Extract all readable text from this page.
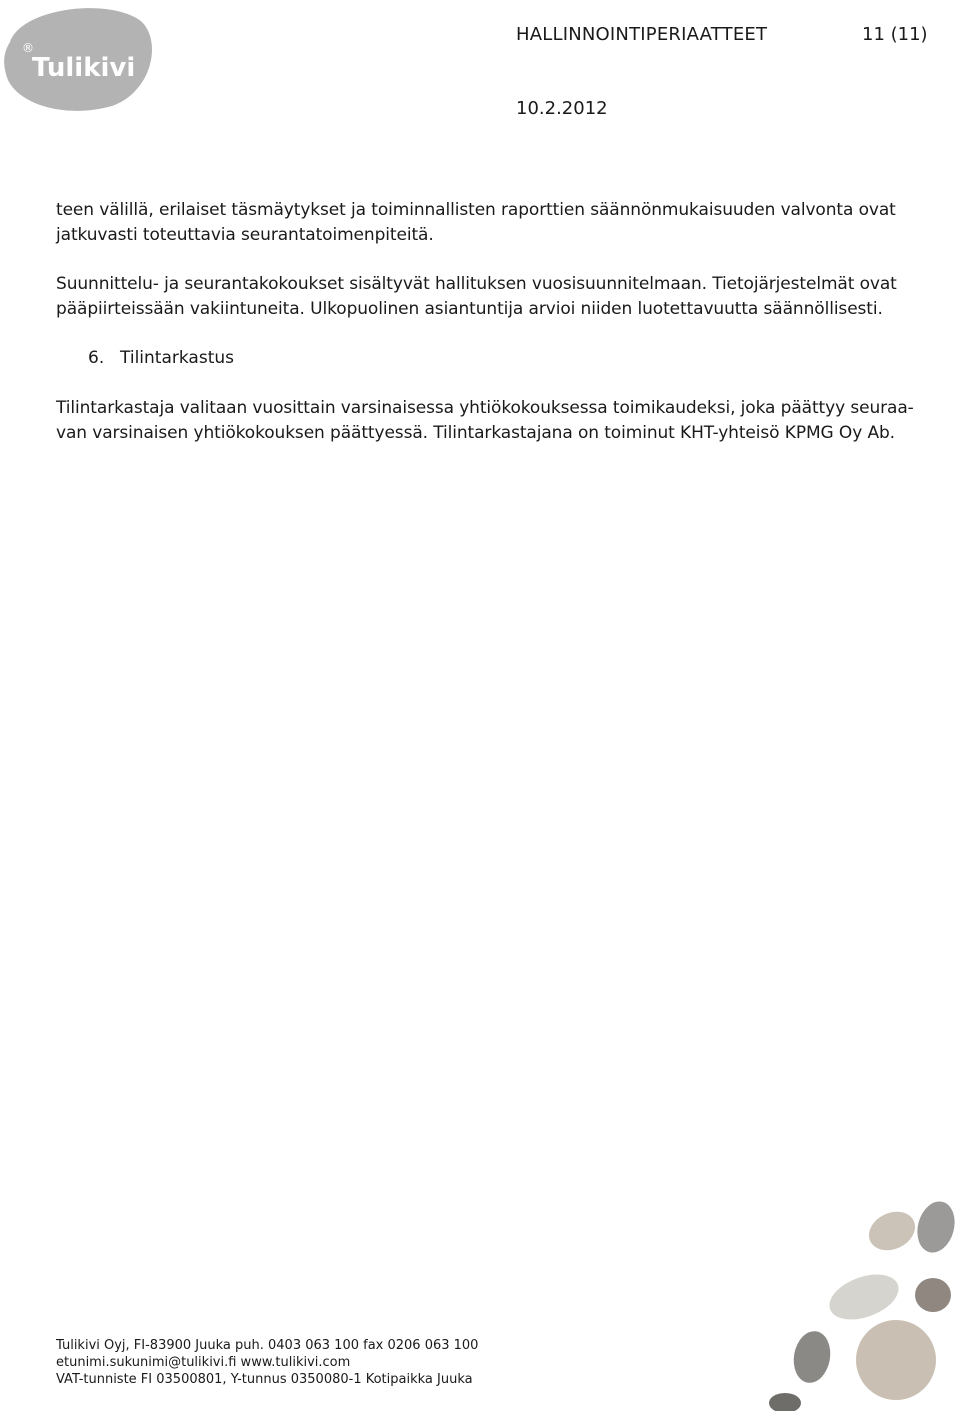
®
Tulikivi
HALLINNOINTIPERIAATTEET	11 (11)
10.2.2012

teen välillä, erilaiset täsmäytykset ja toiminnallisten raporttien säännönmukaisuuden valvonta ovat jatkuvasti toteuttavia seurantatoimenpiteitä.

Suunnittelu- ja seurantakokoukset sisältyvät hallituksen vuosisuunnitelmaan. Tietojärjestelmät ovat pääpiirteissään vakiintuneita. Ulkopuolinen asiantuntija arvioi niiden luotettavuutta säännöllisesti.

6. Tilintarkastus

Tilintarkastaja valitaan vuosittain varsinaisessa yhtiökokouksessa toimikaudeksi, joka päättyy seuraa-van varsinaisen yhtiökokouksen päättyessä. Tilintarkastajana on toiminut KHT-yhteisö KPMG Oy Ab.

Tulikivi Oyj, FI-83900 Juuka puh. 0403 063 100 fax 0206 063 100
etunimi.sukunimi@tulikivi.fi www.tulikivi.com
VAT-tunniste FI 03500801, Y-tunnus 0350080-1 Kotipaikka Juuka
